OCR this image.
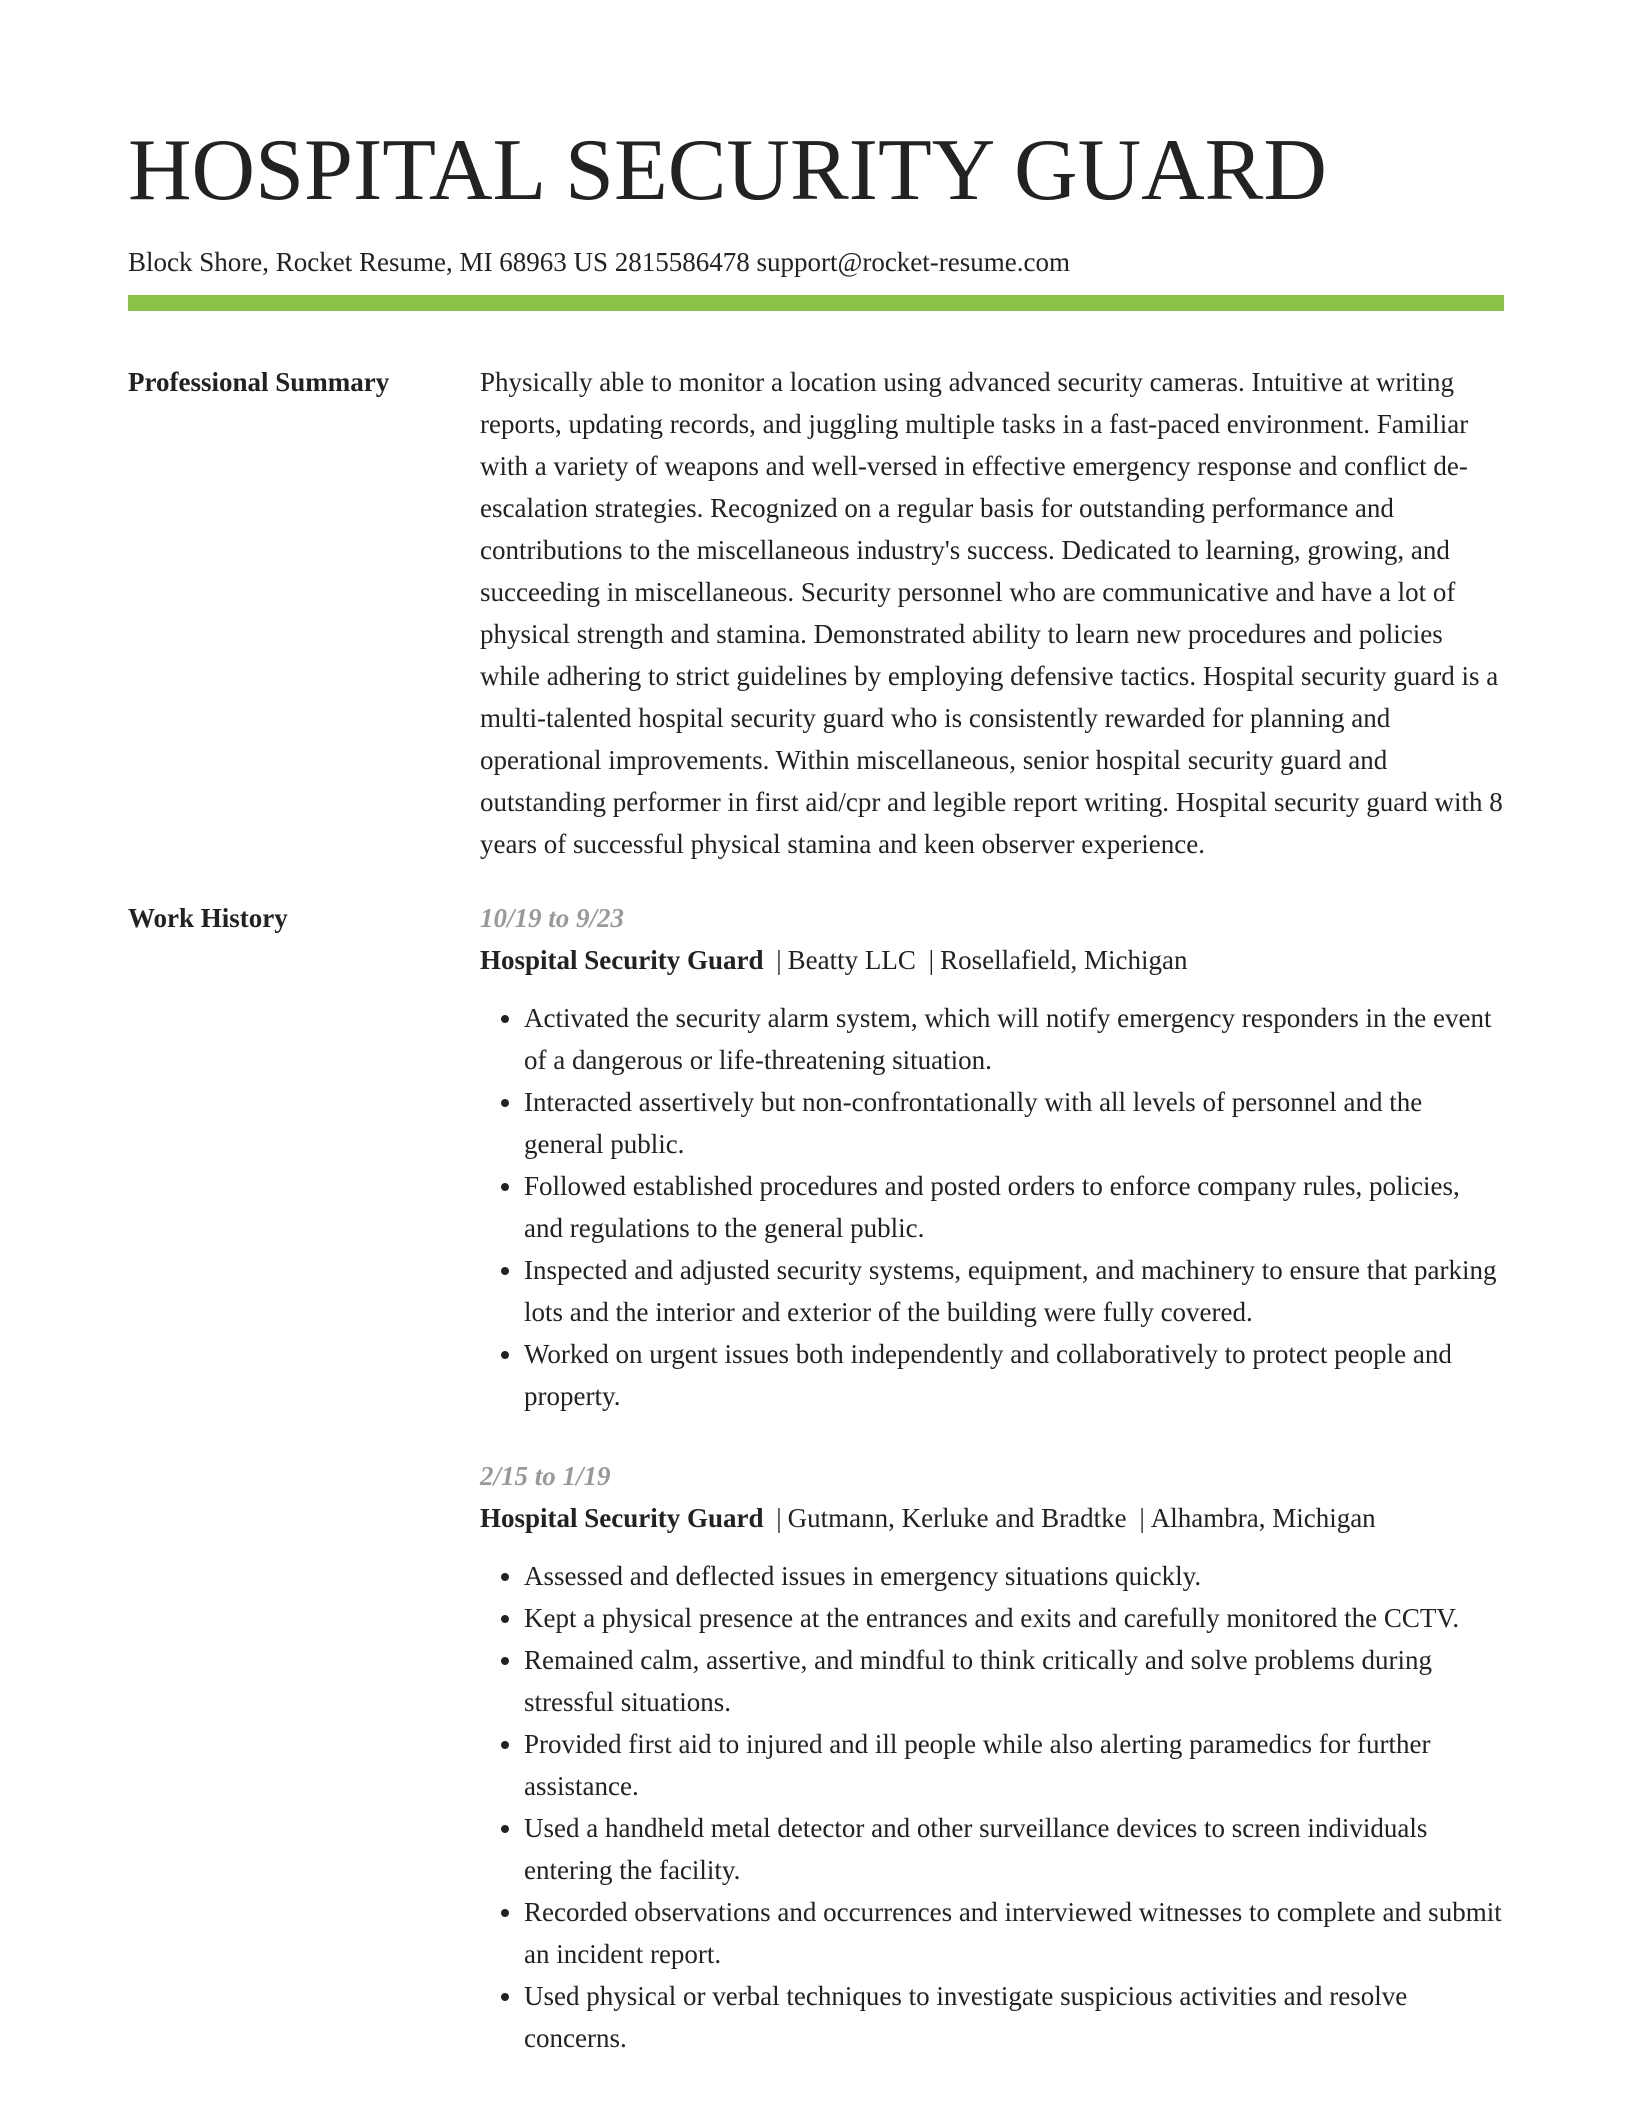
HOSPITAL SECURITY GUARD
Block Shore, Rocket Resume, MI 68963 US 2815586478 support@rocket-resume.com
Professional Summary	Physically able to monitor a location using advanced security cameras. Intuitive at writing reports, updating records, and juggling multiple tasks in a fast-paced environment. Familiar with a variety of weapons and well-versed in effective emergency response and conflict de-escalation strategies. Recognized on a regular basis for outstanding performance and contributions to the miscellaneous industry's success. Dedicated to learning, growing, and succeeding in miscellaneous. Security personnel who are communicative and have a lot of physical strength and stamina. Demonstrated ability to learn new procedures and policies while adhering to strict guidelines by employing defensive tactics. Hospital security guard is a multi-talented hospital security guard who is consistently rewarded for planning and operational improvements. Within miscellaneous, senior hospital security guard and outstanding performer in first aid/cpr and legible report writing. Hospital security guard with 8 years of successful physical stamina and keen observer experience.

Work History	10/19 to 9/23
Hospital Security Guard | Beatty LLC | Rosellafield, Michigan
• Activated the security alarm system, which will notify emergency responders in the event of a dangerous or life-threatening situation.
• Interacted assertively but non-confrontationally with all levels of personnel and the general public.
• Followed established procedures and posted orders to enforce company rules, policies, and regulations to the general public.
• Inspected and adjusted security systems, equipment, and machinery to ensure that parking lots and the interior and exterior of the building were fully covered.
• Worked on urgent issues both independently and collaboratively to protect people and property.
2/15 to 1/19
Hospital Security Guard | Gutmann, Kerluke and Bradtke | Alhambra, Michigan
• Assessed and deflected issues in emergency situations quickly.
• Kept a physical presence at the entrances and exits and carefully monitored the CCTV.
• Remained calm, assertive, and mindful to think critically and solve problems during stressful situations.
• Provided first aid to injured and ill people while also alerting paramedics for further assistance.
• Used a handheld metal detector and other surveillance devices to screen individuals entering the facility.
• Recorded observations and occurrences and interviewed witnesses to complete and submit an incident report.
• Used physical or verbal techniques to investigate suspicious activities and resolve concerns.
